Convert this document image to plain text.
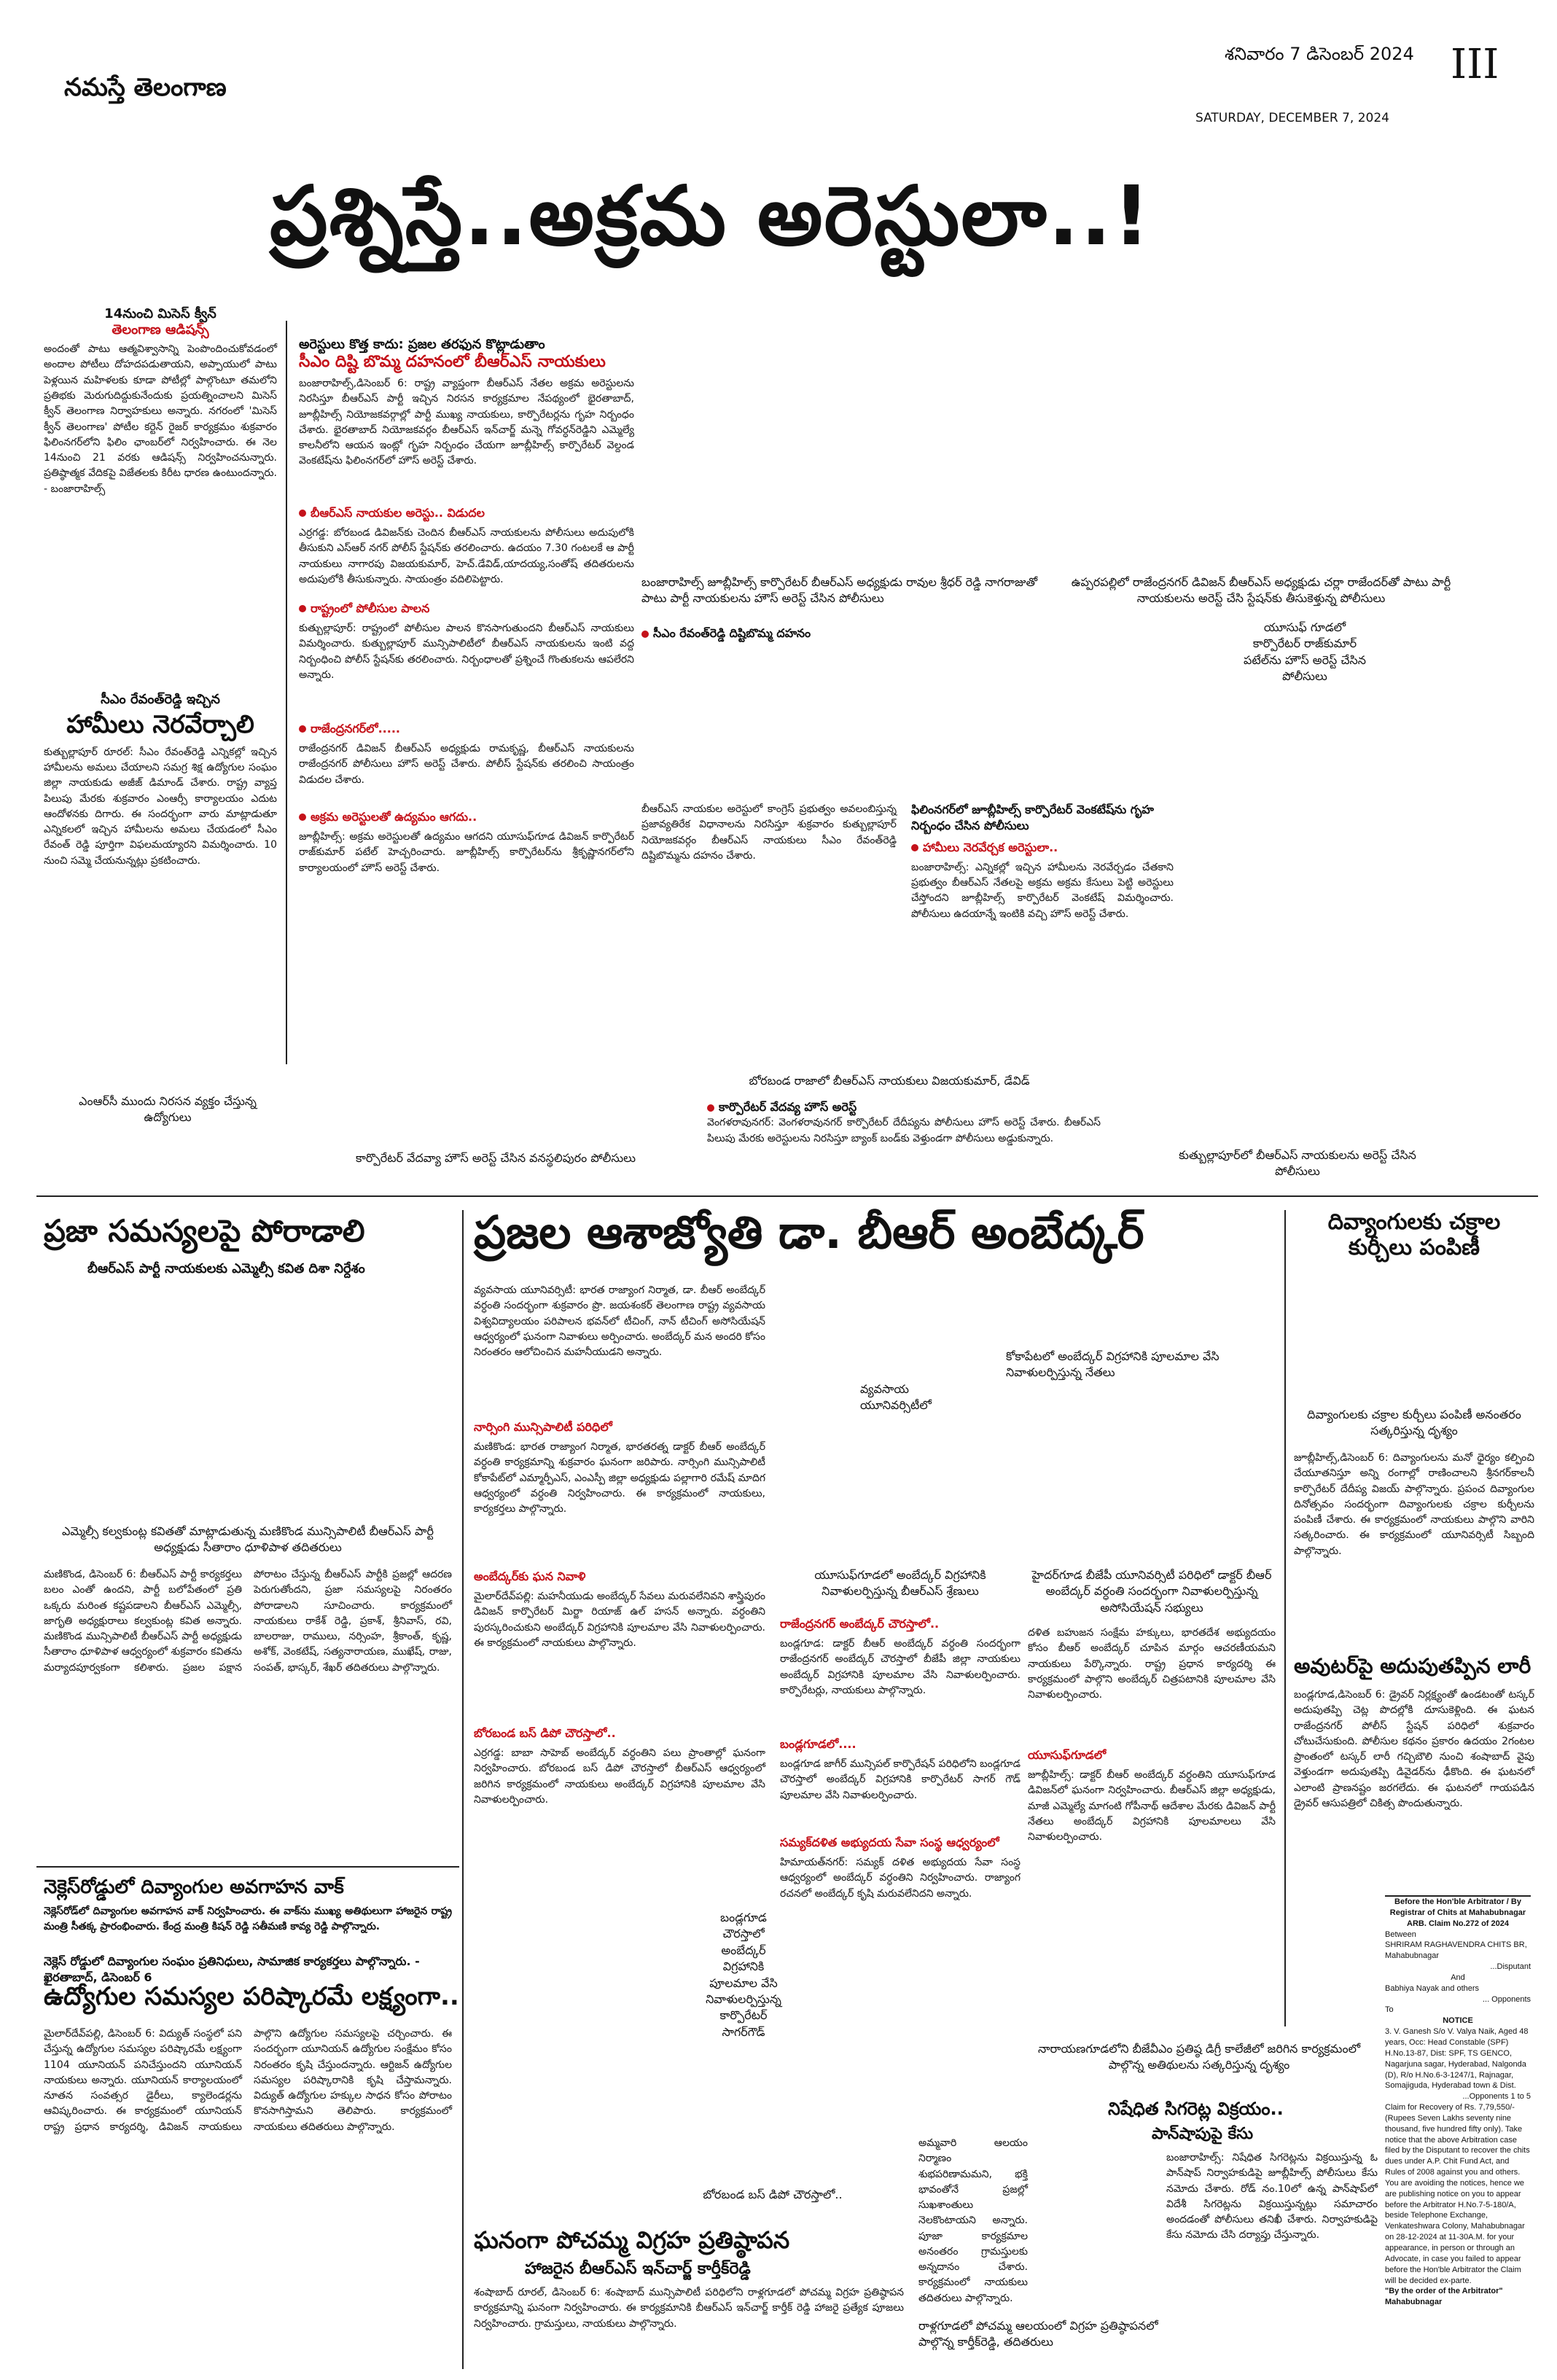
నమస్తే తెలంగాణ
శనివారం 7 డిసెంబర్ 2024
SATURDAY, DECEMBER 7, 2024
III
ప్రశ్నిస్తే..అక్రమ అరెస్టులా..!
14నుంచి మిసెస్ క్వీన్
తెలంగాణ ఆడిషన్స్
అందంతో పాటు ఆత్మవిశ్వాసాన్ని పెంపొందించుకోవడంలో అందాల పోటీలు దోహదపడుతాయని, అప్పాయులో పాటు పెళ్లయిన మహిళలకు కూడా పోటీల్లో పాల్గొంటూ తమలోని ప్రతిభకు మెరుగుదిద్దుకునేందుకు ప్రయత్నించాలని మిసెస్ క్వీన్ తెలంగాణ నిర్వాహకులు అన్నారు. నగరంలో 'మిసెస్ క్వీన్ తెలంగాణ' పోటీల కర్టెన్ రైజర్ కార్యక్రమం శుక్రవారం ఫిలింనగర్‌లోని ఫిలిం ఛాంబర్‌లో నిర్వహించారు. ఈ నెల 14నుంచి 21 వరకు ఆడిషన్స్ నిర్వహించనున్నారు. ప్రతిష్ఠాత్మక వేదికపై విజేతలకు కిరీట ధారణ ఉంటుందన్నారు. - బంజారాహిల్స్
సీఎం రేవంత్‌రెడ్డి ఇచ్చిన
హామీలు నెరవేర్చాలి
కుత్బుల్లాపూర్ రూరల్: సీఎం రేవంత్‌రెడ్డి ఎన్నికల్లో ఇచ్చిన హామీలను అమలు చేయాలని సమగ్ర శిక్ష ఉద్యోగుల సంఘం జిల్లా నాయకుడు అజీజ్ డిమాండ్ చేశారు. రాష్ట్ర వ్యాప్త పిలుపు మేరకు శుక్రవారం ఎంఆర్సీ కార్యాలయం ఎదుట ఆందోళనకు దిగారు. ఈ సందర్భంగా వారు మాట్లాడుతూ ఎన్నికలలో ఇచ్చిన హామీలను అమలు చేయడంలో సీఎం రేవంత్ రెడ్డి పూర్తిగా విఫలమయ్యారని విమర్శించారు. 10 నుంచి సమ్మె చేయనున్నట్లు ప్రకటించారు.
అరెస్టులు కొత్త కాదు: ప్రజల తరఫున కొట్లాడుతాం
సీఎం దిష్టి బొమ్మ దహనంలో బీఆర్ఎస్ నాయకులు
బంజారాహిల్స్,డిసెంబర్ 6: రాష్ట్ర వ్యాప్తంగా బీఆర్ఎస్ నేతల అక్రమ అరెస్టులను నిరసిస్తూ బీఆర్ఎస్ పార్టీ ఇచ్చిన నిరసన కార్యక్రమాల నేపథ్యంలో భైరతాబాద్, జూబ్లీహిల్స్ నియోజకవర్గాల్లో పార్టీ ముఖ్య నాయకులు, కార్పొరేటర్లను గృహ నిర్బంధం చేశారు. భైరతాబాద్ నియోజకవర్గం బీఆర్ఎస్ ఇన్‌చార్జ్ మన్నె గోవర్ధన్‌రెడ్డిని ఎమ్మెల్యే కాలనీలోని ఆయన ఇంట్లో గృహ నిర్బంధం చేయగా జూబ్లీహిల్స్ కార్పొరేటర్ వెల్దండ వెంకటేష్‌ను ఫిలింనగర్‌లో హౌస్ అరెస్ట్ చేశారు.
బీఆర్ఎస్ నాయకుల అరెస్టు.. విడుదల
ఎర్రగడ్డ: బోరబండ డివిజన్‌కు చెందిన బీఆర్ఎస్ నాయకులను పోలీసులు అదుపులోకి తీసుకుని ఎస్ఆర్ నగర్ పోలీస్ స్టేషన్‌కు తరలించారు. ఉదయం 7.30 గంటలకే ఆ పార్టీ నాయకులు నాగారపు విజయకుమార్, హెచ్.డేవిడ్,యాదయ్య,సంతోష్ తదితరులను అదుపులోకి తీసుకున్నారు. సాయంత్రం వదిలిపెట్టారు.
రాష్ట్రంలో పోలీసుల పాలన
కుత్బుల్లాపూర్: రాష్ట్రంలో పోలీసుల పాలన కొనసాగుతుందని బీఆర్ఎస్ నాయకులు విమర్శించారు. కుత్బుల్లాపూర్ మున్సిపాలిటీలో బీఆర్ఎస్ నాయకులను ఇంటి వద్ద నిర్బంధించి పోలీస్ స్టేషన్‌కు తరలించారు. నిర్బంధాలతో ప్రశ్నించే గొంతుకలను ఆపలేరని అన్నారు.
రాజేంద్రనగర్‌లో.....
రాజేంద్రనగర్ డివిజన్ బీఆర్ఎస్ అధ్యక్షుడు రామకృష్ణ, బీఆర్ఎస్ నాయకులను రాజేంద్రనగర్ పోలీసులు హౌస్ అరెస్ట్ చేశారు. పోలీస్ స్టేషన్‌కు తరలించి సాయంత్రం విడుదల చేశారు.
అక్రమ అరెస్టులతో ఉద్యమం ఆగదు..
జూబ్లీహిల్స్: అక్రమ అరెస్టులతో ఉద్యమం ఆగదని యూసుఫ్‌గూడ డివిజన్ కార్పొరేటర్ రాజ్‌కుమార్ పటేల్ హెచ్చరించారు. జూబ్లీహిల్స్ కార్పొరేటర్‌ను శ్రీకృష్ణానగర్‌లోని కార్యాలయంలో హౌస్ అరెస్ట్ చేశారు.
బంజారాహిల్స్ జూబ్లీహిల్స్ కార్పొరేటర్ బీఆర్ఎస్ అధ్యక్షుడు రావుల శ్రీధర్ రెడ్డి నాగరాజుతో పాటు పార్టీ నాయకులను హౌస్ అరెస్ట్ చేసిన పోలీసులు
ఉప్పరపల్లిలో రాజేంద్రనగర్ డివిజన్ బీఆర్ఎస్ అధ్యక్షుడు చర్లా రాజేందర్‌తో పాటు పార్టీ నాయకులను అరెస్ట్ చేసి స్టేషన్‌కు తీసుకెళ్తున్న పోలీసులు
సీఎం రేవంత్‌రెడ్డి దిష్టిబొమ్మ దహనం	యూసుఫ్ గూడలో కార్పొరేటర్ రాజ్‌కుమార్ పటేల్‌ను హౌస్ అరెస్ట్ చేసిన పోలీసులు
బీఆర్ఎస్ నాయకుల అరెస్టులో కాంగ్రెస్ ప్రభుత్వం అవలంబిస్తున్న ప్రజావ్యతిరేక విధానాలను నిరసిస్తూ శుక్రవారం కుత్బుల్లాపూర్ నియోజకవర్గం బీఆర్ఎస్ నాయకులు సీఎం రేవంత్‌రెడ్డి దిష్టిబొమ్మను దహనం చేశారు.
ఫిలింనగర్‌లో జూబ్లీహిల్స్ కార్పొరేటర్ వెంకటేష్‌ను గృహ నిర్బంధం చేసిన పోలీసులు
హామీలు నెరవేర్చక అరెస్టులా..
బంజారాహిల్స్: ఎన్నికల్లో ఇచ్చిన హామీలను నెరవేర్చడం చేతకాని ప్రభుత్వం బీఆర్ఎస్ నేతలపై అక్రమ అక్రమ కేసులు పెట్టి అరెస్టులు చేస్తోందని జూబ్లీహిల్స్ కార్పొరేటర్ వెంకటేష్ విమర్శించారు. పోలీసులు ఉదయాన్నే ఇంటికి వచ్చి హౌస్ అరెస్ట్ చేశారు.
బోరబండ రాజాలో బీఆర్ఎస్ నాయకులు విజయకుమార్, డేవిడ్
ఎంఆర్‌సీ ముందు నిరసన వ్యక్తం చేస్తున్న ఉద్యోగులు
కార్పొరేటర్ వేదవ్యా హౌస్ అరెస్ట్ చేసిన వనస్థలిపురం పోలీసులు
కార్పొరేటర్ వేదవ్య హౌస్ అరెస్ట్
వెంగళరావునగర్: వెంగళరావునగర్ కార్పొరేటర్ దేదీప్యను పోలీసులు హౌస్ అరెస్ట్ చేశారు. బీఆర్ఎస్ పిలుపు మేరకు అరెస్టులను నిరసిస్తూ బ్యాంక్ బండ్‌కు వెళ్తుండగా పోలీసులు అడ్డుకున్నారు.
కుత్బుల్లాపూర్‌లో బీఆర్ఎస్ నాయకులను అరెస్ట్ చేసిన పోలీసులు
ప్రజా సమస్యలపై పోరాడాలి
బీఆర్ఎస్ పార్టీ నాయకులకు ఎమ్మెల్సీ కవిత దిశా నిర్దేశం
ఎమ్మెల్సీ కల్వకుంట్ల కవితతో మాట్లాడుతున్న మణికొండ మున్సిపాలిటీ బీఆర్ఎస్ పార్టీ అధ్యక్షుడు సీతారాం ధూళిపాళ తదితరులు
మణికొండ, డిసెంబర్ 6: బీఆర్ఎస్ పార్టీ కార్యకర్తలు బలం ఎంతో ఉందని, పార్టీ బలోపేతంలో ప్రతి ఒక్కరు మరింత కష్టపడాలని బీఆర్ఎస్ ఎమ్మెల్సీ, జాగృతి అధ్యక్షురాలు కల్వకుంట్ల కవిత అన్నారు. మణికొండ మున్సిపాలిటీ బీఆర్ఎస్ పార్టీ అధ్యక్షుడు సీతారాం ధూళిపాళ ఆధ్వర్యంలో శుక్రవారం కవితను మర్యాదపూర్వకంగా కలిశారు. ప్రజల పక్షాన పోరాటం చేస్తున్న బీఆర్ఎస్ పార్టీకి ప్రజల్లో ఆదరణ పెరుగుతోందని, ప్రజా సమస్యలపై నిరంతరం పోరాడాలని సూచించారు. కార్యక్రమంలో నాయకులు రాకేశ్ రెడ్డి, ప్రకాశ్, శ్రీనివాస్, రవి, బాలరాజు, రాములు, నర్సింహ, శ్రీకాంత్, కృష్ణ, అశోక్, వెంకటేష్, సత్యనారాయణ, ముఖేష్, రాజు, సంపత్, భాస్కర్, శేఖర్ తదితరులు పాల్గొన్నారు.
ప్రజల ఆశాజ్యోతి డా. బీఆర్ అంబేద్కర్
వ్యవసాయ యూనివర్సిటీ: భారత రాజ్యాంగ నిర్మాత, డా. బీఆర్ అంబేద్కర్ వర్ధంతి సందర్భంగా శుక్రవారం ప్రొ. జయశంకర్ తెలంగాణ రాష్ట్ర వ్యవసాయ విశ్వవిద్యాలయం పరిపాలన భవన్‌లో టీచింగ్, నాన్ టీచింగ్ అసోసియేషన్ ఆధ్వర్యంలో ఘనంగా నివాళులు అర్పించారు. అంబేద్కర్ మన అందరి కోసం నిరంతరం ఆలోచించిన మహనీయుడని అన్నారు.
నార్సింగి మున్సిపాలిటీ పరిధిలో
మణికొండ: భారత రాజ్యాంగ నిర్మాత, భారతరత్న డాక్టర్ బీఆర్ అంబేద్కర్ వర్ధంతి కార్యక్రమాన్ని శుక్రవారం ఘనంగా జరిపారు. నార్సింగి మున్సిపాలిటీ కోకాపేట్‌లో ఎమ్మార్పీఎస్, ఎంఎస్పీ జిల్లా అధ్యక్షుడు పల్లాగారి రమేష్ మాదిగ ఆధ్వర్యంలో వర్ధంతి నిర్వహించారు. ఈ కార్యక్రమంలో నాయకులు, కార్యకర్తలు పాల్గొన్నారు.
అంబేద్కర్‌కు ఘన నివాళి
మైలార్‌దేవ్‌పల్లి: మహనీయుడు అంబేద్కర్ సేవలు మరువలేనివని శాస్త్రిపురం డివిజన్ కార్పొరేటర్ మిర్జా రియాజ్ ఉల్ హసన్ అన్నారు. వర్ధంతిని పురస్కరించుకుని అంబేద్కర్ విగ్రహానికి పూలమాల వేసి నివాళులర్పించారు. ఈ కార్యక్రమంలో నాయకులు పాల్గొన్నారు.
బోరబండ బస్ డిపో చౌరస్తాలో..
ఎర్రగడ్డ: బాబా సాహెబ్ అంబేద్కర్ వర్ధంతిని పలు ప్రాంతాల్లో ఘనంగా నిర్వహించారు. బోరబండ బస్ డిపో చౌరస్తాలో బీఆర్ఎస్ ఆధ్వర్యంలో జరిగిన కార్యక్రమంలో నాయకులు అంబేద్కర్ విగ్రహానికి పూలమాల వేసి నివాళులర్పించారు.
వ్యవసాయ యూనివర్సిటీలో
కోకాపేటలో అంబేద్కర్ విగ్రహానికి పూలమాల వేసి నివాళులర్పిస్తున్న నేతలు
యూసుఫ్‌గూడలో అంబేద్కర్ విగ్రహానికి నివాళులర్పిస్తున్న బీఆర్ఎస్ శ్రేణులు
రాజేంద్రనగర్ అంబేద్కర్ చౌరస్తాలో..
బండ్లగూడ: డాక్టర్ బీఆర్ అంబేద్కర్ వర్ధంతి సందర్భంగా రాజేంద్రనగర్ అంబేద్కర్ చౌరస్తాలో బీజేపీ జిల్లా నాయకులు అంబేద్కర్ విగ్రహానికి పూలమాల వేసి నివాళులర్పించారు. కార్పొరేటర్లు, నాయకులు పాల్గొన్నారు.
బండ్లగూడలో....
బండ్లగూడ జాగీర్ మున్సిపల్ కార్పొరేషన్ పరిధిలోని బండ్లగూడ చౌరస్తాలో అంబేద్కర్ విగ్రహానికి కార్పొరేటర్ సాగర్ గౌడ్ పూలమాల వేసి నివాళులర్పించారు.
సమ్యక్‌దళిత అభ్యుదయ సేవా సంస్థ ఆధ్వర్యంలో
హిమాయత్‌నగర్: సమ్యక్ దళిత అభ్యుదయ సేవా సంస్థ ఆధ్వర్యంలో అంబేద్కర్ వర్ధంతిని నిర్వహించారు. రాజ్యాంగ రచనలో అంబేద్కర్ కృషి మరువలేనిదని అన్నారు.
హైదర్‌గూడ బీజేపీ యూనివర్సిటీ పరిధిలో డాక్టర్ బీఆర్ అంబేద్కర్ వర్ధంతి సందర్భంగా నివాళులర్పిస్తున్న అసోసియేషన్ సభ్యులు
దళిత బహుజన సంక్షేమ హక్కులు, భారతదేశ అభ్యుదయం కోసం బీఆర్ అంబేద్కర్ చూపిన మార్గం ఆచరణీయమని నాయకులు పేర్కొన్నారు. రాష్ట్ర ప్రధాన కార్యదర్శి ఈ కార్యక్రమంలో పాల్గొని అంబేద్కర్ చిత్రపటానికి పూలమాల వేసి నివాళులర్పించారు.
యూసుఫ్‌గూడలో
జూబ్లీహిల్స్: డాక్టర్ బీఆర్ అంబేద్కర్ వర్ధంతిని యూసుఫ్‌గూడ డివిజన్‌లో ఘనంగా నిర్వహించారు. బీఆర్ఎస్ జిల్లా అధ్యక్షుడు, మాజీ ఎమ్మెల్యే మాగంటి గోపీనాథ్ ఆదేశాల మేరకు డివిజన్ పార్టీ నేతలు అంబేద్కర్ విగ్రహానికి పూలమాలలు వేసి నివాళులర్పించారు.
దివ్యాంగులకు చక్రాల కుర్చీలు పంపిణీ
దివ్యాంగులకు చక్రాల కుర్చీలు పంపిణీ అనంతరం సత్కరిస్తున్న దృశ్యం
జూబ్లీహిల్స్,డిసెంబర్ 6: దివ్యాంగులను మనో ధైర్యం కల్పించి చేయూతనిస్తూ అన్ని రంగాల్లో రాణించాలని శ్రీనగర్‌కాలనీ కార్పొరేటర్ దేదీప్య విజయ్ పాల్గొన్నారు. ప్రపంచ దివ్యాంగుల దినోత్సవం సందర్భంగా దివ్యాంగులకు చక్రాల కుర్చీలను పంపిణీ చేశారు. ఈ కార్యక్రమంలో నాయకులు పాల్గొని వారిని సత్కరించారు. ఈ కార్యక్రమంలో యూనివర్సిటీ సిబ్బంది పాల్గొన్నారు.
అవుటర్‌పై అదుపుతప్పిన లారీ
బండ్లగూడ,డిసెంబర్ 6: డ్రైవర్ నిర్లక్ష్యంతో ఉండటంతో టస్కర్ అదుపుతప్పి చెట్ల పొదల్లోకి దూసుకెళ్లింది. ఈ ఘటన రాజేంద్రనగర్ పోలీస్ స్టేషన్ పరిధిలో శుక్రవారం చోటుచేసుకుంది. పోలీసుల కథనం ప్రకారం ఉదయం 2గంటల ప్రాంతంలో టస్కర్ లారీ గచ్చిబౌలి నుంచి శంషాబాద్ వైపు వెళ్తుండగా అదుపుతప్పి డివైడర్‌ను ఢీకొంది. ఈ ఘటనలో ఎలాంటి ప్రాణనష్టం జరగలేదు. ఈ ఘటనలో గాయపడిన డ్రైవర్ ఆసుపత్రిలో చికిత్స పొందుతున్నారు.
Before the Hon'ble Arbitrator / By Registrar of Chits at Mahabubnagar
ARB. Claim No.272 of 2024
Between
SHRIRAM RAGHAVENDRA CHITS BR, Mahabubnagar
...Disputant
And
Babhiya Nayak and others
... Opponents
To
NOTICE
3. V. Ganesh S/o V. Valya Naik, Aged 48 years, Occ: Head Constable (SPF) H.No.13-87, Dist: SPF, TS GENCO, Nagarjuna sagar, Hyderabad, Nalgonda (D), R/o H.No.6-3-1247/1, Rajnagar, Somajiguda, Hyderabad town & Dist.
...Opponents 1 to 5
Claim for Recovery of Rs. 7,79,550/- (Rupees Seven Lakhs seventy nine thousand, five hundred fifty only). Take notice that the above Arbitration case filed by the Disputant to recover the chits dues under A.P. Chit Fund Act, and Rules of 2008 against you and others. You are avoiding the notices, hence we are publishing notice on you to appear before the Arbitrator H.No.7-5-180/A, beside Telephone Exchange, Venkateshwara Colony, Mahabubnagar on 28-12-2024 at 11-30A.M. for your appearance, in person or through an Advocate, in case you failed to appear before the Hon'ble Arbitrator the Claim will be decided ex-parte.
"By the order of the Arbitrator" Mahabubnagar
నెక్లెస్‌రోడ్డులో దివ్యాంగుల అవగాహన వాక్
నెక్లెస్‌రోడ్‌లో దివ్యాంగుల అవగాహన వాక్ నిర్వహించారు. ఈ వాక్‌ను ముఖ్య అతిథులుగా హాజరైన రాష్ట్ర మంత్రి సీతక్క ప్రారంభించారు. కేంద్ర మంత్రి కిషన్ రెడ్డి సతీమణి కావ్య రెడ్డి పాల్గొన్నారు.
నెక్లెస్ రోడ్డులో దివ్యాంగుల సంఘం ప్రతినిధులు, సామాజిక కార్యకర్తలు పాల్గొన్నారు. - ఖైరతాబాద్, డిసెంబర్ 6
ఉద్యోగుల సమస్యల పరిష్కారమే లక్ష్యంగా..
మైలార్‌దేవ్‌పల్లి, డిసెంబర్ 6: విద్యుత్ సంస్థలో పని చేస్తున్న ఉద్యోగుల సమస్యల పరిష్కారమే లక్ష్యంగా 1104 యూనియన్ పనిచేస్తుందని యూనియన్ నాయకులు అన్నారు. యూనియన్ కార్యాలయంలో నూతన సంవత్సర డైరీలు, క్యాలెండర్లను ఆవిష్కరించారు. ఈ కార్యక్రమంలో యూనియన్ రాష్ట్ర ప్రధాన కార్యదర్శి, డివిజన్ నాయకులు పాల్గొని ఉద్యోగుల సమస్యలపై చర్చించారు. ఈ సందర్భంగా యూనియన్ ఉద్యోగుల సంక్షేమం కోసం నిరంతరం కృషి చేస్తుందన్నారు. ఆర్టిజన్ ఉద్యోగుల సమస్యల పరిష్కారానికి కృషి చేస్తామన్నారు. విద్యుత్ ఉద్యోగుల హక్కుల సాధన కోసం పోరాటం కొనసాగిస్తామని తెలిపారు. కార్యక్రమంలో నాయకులు తదితరులు పాల్గొన్నారు.
బండ్లగూడ చౌరస్తాలో అంబేద్కర్ విగ్రహానికి పూలమాల వేసి నివాళులర్పిస్తున్న కార్పొరేటర్ సాగర్‌గౌడ్
బోరబండ బస్ డిపో చౌరస్తాలో..
ఘనంగా పోచమ్మ విగ్రహ ప్రతిష్ఠాపన
హాజరైన బీఆర్ఎస్ ఇన్‌చార్జ్ కార్తీక్‌రెడ్డి
శంషాబాద్ రూరల్, డిసెంబర్ 6: శంషాబాద్ మున్సిపాలిటీ పరిధిలోని రాళ్లగూడలో పోచమ్మ విగ్రహ ప్రతిష్ఠాపన కార్యక్రమాన్ని ఘనంగా నిర్వహించారు. ఈ కార్యక్రమానికి బీఆర్ఎస్ ఇన్‌చార్జ్ కార్తీక్ రెడ్డి హాజరై ప్రత్యేక పూజలు నిర్వహించారు. గ్రామస్తులు, నాయకులు పాల్గొన్నారు.
అమ్మవారి ఆలయం నిర్మాణం శుభపరిణామమని, భక్తి భావంతోనే ప్రజల్లో సుఖశాంతులు నెలకొంటాయని అన్నారు. పూజా కార్యక్రమాల అనంతరం గ్రామస్తులకు అన్నదానం చేశారు. కార్యక్రమంలో నాయకులు తదితరులు పాల్గొన్నారు.
రాళ్లగూడలో పోచమ్మ ఆలయంలో విగ్రహ ప్రతిష్ఠాపనలో పాల్గొన్న కార్తీక్‌రెడ్డి, తదితరులు
నారాయణగూడలోని బీజేవీఎం ప్రతిష్ఠ డిగ్రీ కాలేజీలో జరిగిన కార్యక్రమంలో పాల్గొన్న అతిథులను సత్కరిస్తున్న దృశ్యం
నిషేధిత సిగరెట్ల విక్రయం..
పాన్‌షాపుపై కేసు
బంజారాహిల్స్: నిషేధిత సిగరెట్లను విక్రయిస్తున్న ఓ పాన్‌షాప్ నిర్వాహకుడిపై జూబ్లీహిల్స్ పోలీసులు కేసు నమోదు చేశారు. రోడ్ నం.10లో ఉన్న పాన్‌షాప్‌లో విదేశీ సిగరెట్లను విక్రయిస్తున్నట్లు సమాచారం అందడంతో పోలీసులు తనిఖీ చేశారు. నిర్వాహకుడిపై కేసు నమోదు చేసి దర్యాప్తు చేస్తున్నారు.
